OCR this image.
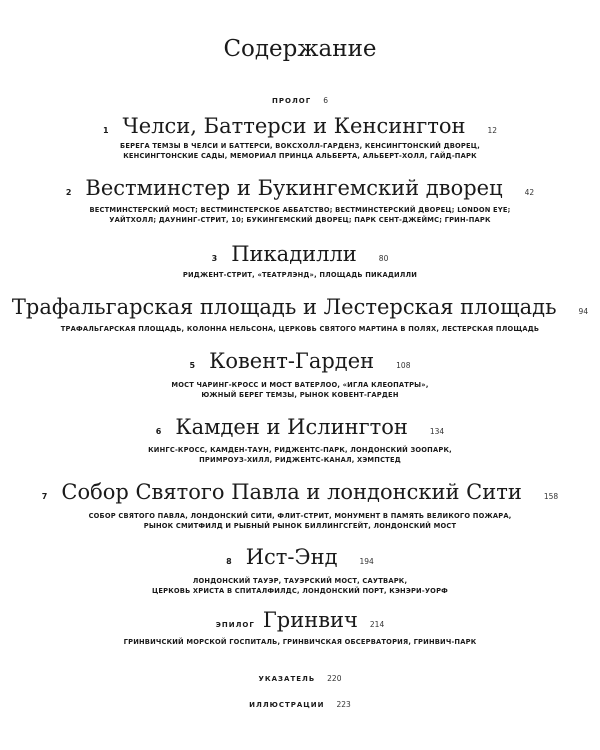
Содержание
ПРОЛОГ 6
1 Челси, Баттерси и Кенсингтон	12
БЕРЕГА ТЕМЗЫ В ЧЕЛСИ И БАТТЕРСИ, ВОКСХОЛЛ-ГАРДЕНЗ, КЕНСИНГТОНСКИЙ ДВОРЕЦ,
КЕНСИНГТОНСКИЕ САДЫ, МЕМОРИАЛ ПРИНЦА АЛЬБЕРТА, АЛЬБЕРТ-ХОЛЛ, ГАЙД-ПАРК
2 Вестминстер и Букингемский дворец	42
ВЕСТМИНСТЕРСКИЙ МОСТ; ВЕСТМИНСТЕРСКОЕ АББАТСТВО; ВЕСТМИНСТЕРСКИЙ ДВОРЕЦ; LONDON EYE;
УАЙТХОЛЛ; ДАУНИНГ-СТРИТ, 10; БУКИНГЕМСКИЙ ДВОРЕЦ; ПАРК СЕНТ-ДЖЕЙМС; ГРИН-ПАРК
3 Пикадилли	80
РИДЖЕНТ-СТРИТ, «ТЕАТРЛЭНД», ПЛОЩАДЬ ПИКАДИЛЛИ
Трафальгарская площадь и Лестерская площадь	94
ТРАФАЛЬГАРСКАЯ ПЛОЩАДЬ, КОЛОННА НЕЛЬСОНА, ЦЕРКОВЬ СВЯТОГО МАРТИНА В ПОЛЯХ, ЛЕСТЕРСКАЯ ПЛОЩАДЬ
5 Ковент-Гарден	108
МОСТ ЧАРИНГ-КРОСС И МОСТ ВАТЕРЛОО, «ИГЛА КЛЕОПАТРЫ»,
ЮЖНЫЙ БЕРЕГ ТЕМЗЫ, РЫНОК КОВЕНТ-ГАРДЕН
6 Камден и Ислингтон	134
КИНГС-КРОСС, КАМДЕН-ТАУН, РИДЖЕНТС-ПАРК, ЛОНДОНСКИЙ ЗООПАРК,
ПРИМРОУЗ-ХИЛЛ, РИДЖЕНТС-КАНАЛ, ХЭМПСТЕД
7 Собор Святого Павла и лондонский Сити	158
СОБОР СВЯТОГО ПАВЛА, ЛОНДОНСКИЙ СИТИ, ФЛИТ-СТРИТ, МОНУМЕНТ В ПАМЯТЬ ВЕЛИКОГО ПОЖАРА,
РЫНОК СМИТФИЛД И РЫБНЫЙ РЫНОК БИЛЛИНГСГЕЙТ, ЛОНДОНСКИЙ МОСТ
8 Ист-Энд	194
ЛОНДОНСКИЙ ТАУЭР, ТАУЭРСКИЙ МОСТ, САУТВАРК,
ЦЕРКОВЬ ХРИСТА В СПИТАЛФИЛДС, ЛОНДОНСКИЙ ПОРТ, КЭНЭРИ-УОРФ
ЭПИЛОГ Гринвич 214
ГРИНВИЧСКИЙ МОРСКОЙ ГОСПИТАЛЬ, ГРИНВИЧСКАЯ ОБСЕРВАТОРИЯ, ГРИНВИЧ-ПАРК
УКАЗАТЕЛЬ 220
ИЛЛЮСТРАЦИИ 223
